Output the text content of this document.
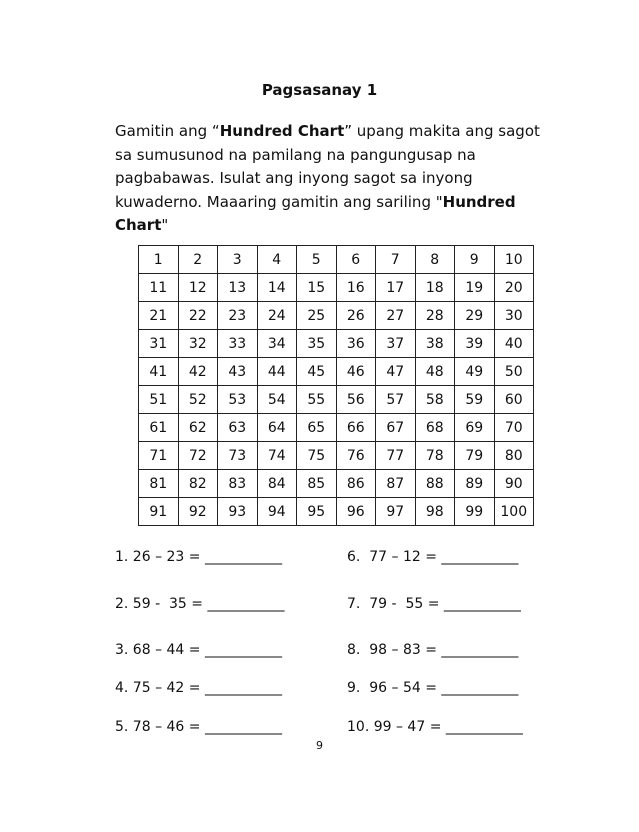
Pagsasanay 1

Gamitin ang “Hundred Chart” upang makita ang sagot sa sumusunod na pamilang na pangungusap na pagbabawas. Isulat ang inyong sagot sa inyong kuwaderno. Maaaring gamitin ang sariling "Hundred Chart"

1	2	3	4	5	6	7	8	9	10
11	12	13	14	15	16	17	18	19	20
21	22	23	24	25	26	27	28	29	30
31	32	33	34	35	36	37	38	39	40
41	42	43	44	45	46	47	48	49	50
51	52	53	54	55	56	57	58	59	60
61	62	63	64	65	66	67	68	69	70
71	72	73	74	75	76	77	78	79	80
81	82	83	84	85	86	87	88	89	90
91	92	93	94	95	96	97	98	99	100
1. 26 – 23 = ___________
2. 59 -  35 = ___________
3. 68 – 44 = ___________
4. 75 – 42 = ___________
5. 78 – 46 = ___________
6.  77 – 12 = ___________
7.  79 -  55 = ___________
8.  98 – 83 = ___________
9.  96 – 54 = ___________
10. 99 – 47 = ___________
9
